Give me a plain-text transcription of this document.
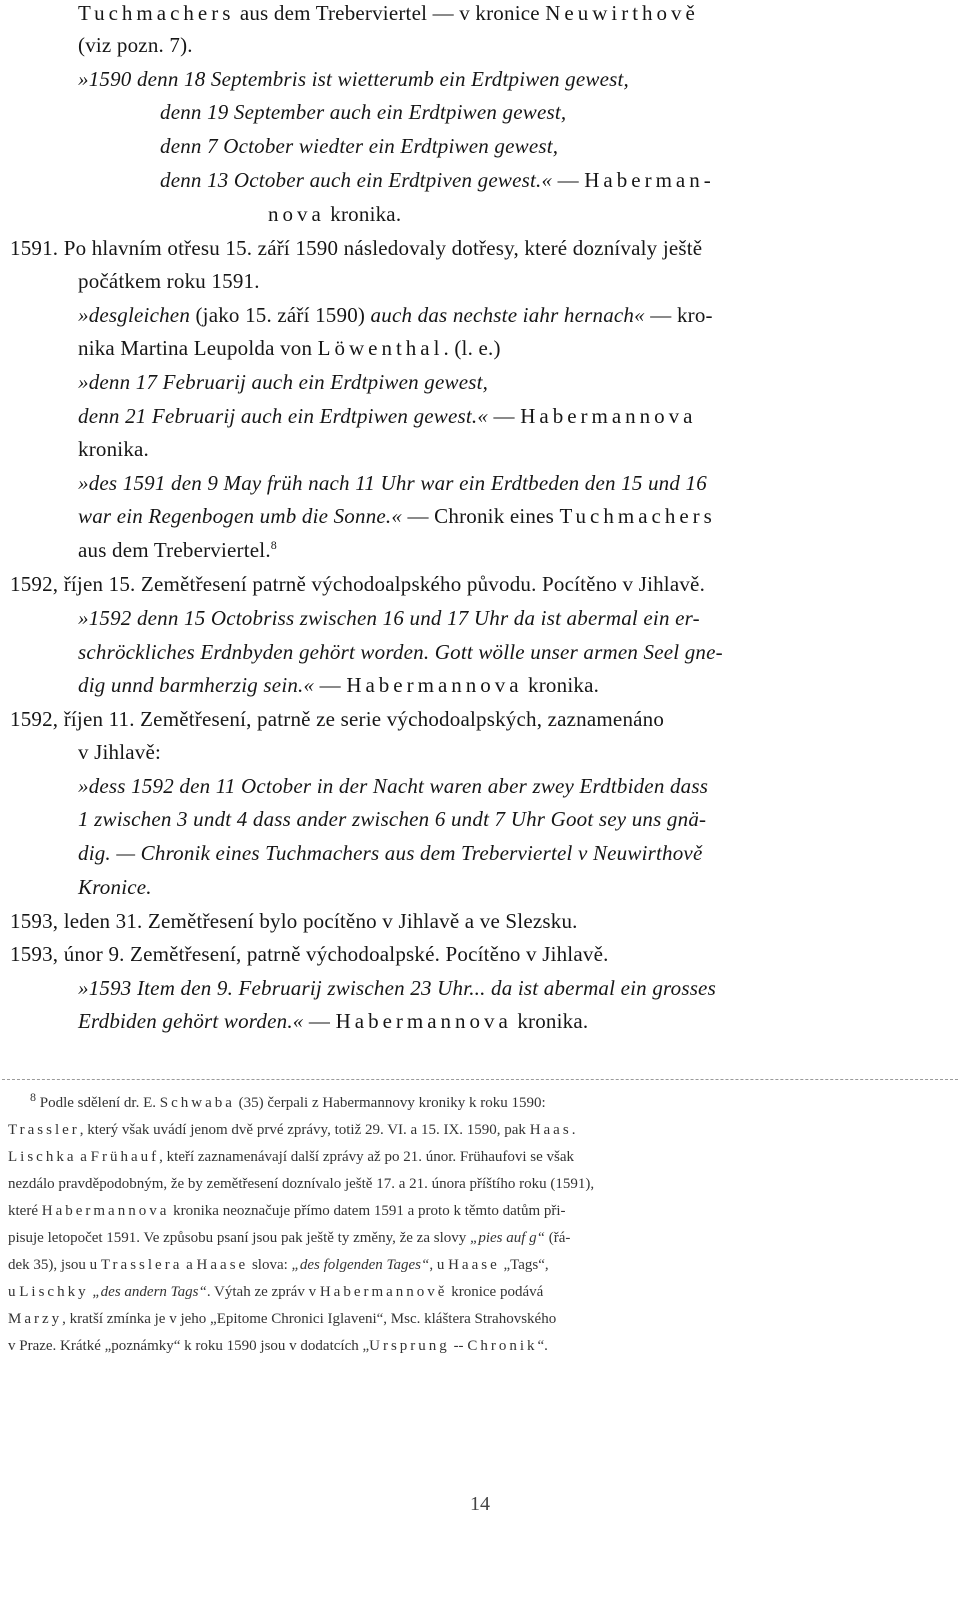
Tuchmachers aus dem Treberviertel — v kronice Neuwirthově
(viz pozn. 7).
»1590 denn 18 Septembris ist wietterumb ein Erdtpiwen gewest,
denn 19 September auch ein Erdtpiwen gewest,
denn 7 October wiedter ein Erdtpiwen gewest,
denn 13 October auch ein Erdtpiven gewest.« — Haberman-
nova kronika.
1591. Po hlavním otřesu 15. září 1590 následovaly dotřesy, které doznívaly ještě
počátkem roku 1591.
»desgleichen (jako 15. září 1590) auch das nechste iahr hernach« — kro-
nika Martina Leupolda von Löwenthal. (l. e.)
»denn 17 Februarij auch ein Erdtpiwen gewest,
denn 21 Februarij auch ein Erdtpiwen gewest.« — Habermannova
kronika.
»des 1591 den 9 May früh nach 11 Uhr war ein Erdtbeden den 15 und 16
war ein Regenbogen umb die Sonne.« — Chronik eines Tuchmachers
aus dem Treberviertel.$^8$
1592, říjen 15. Zemětřesení patrně východoalpského původu. Pocítěno v Jihlavě.
»1592 denn 15 Octobriss zwischen 16 und 17 Uhr da ist abermal ein er-
schröckliches Erdnbyden gehört worden. Gott wölle unser armen Seel gne-
dig unnd barmherzig sein.« — Habermannova kronika.
1592, říjen 11. Zemětřesení, patrně ze serie východoalpských, zaznamenáno
v Jihlavě:
»dess 1592 den 11 October in der Nacht waren aber zwey Erdtbiden dass
1 zwischen 3 undt 4 dass ander zwischen 6 undt 7 Uhr Goot sey uns gnä-
dig. — Chronik eines Tuchmachers aus dem Treberviertel v Neuwirthově
Kronice.
1593, leden 31. Zemětřesení bylo pocítěno v Jihlavě a ve Slezsku.
1593, únor 9. Zemětřesení, patrně východoalpské. Pocítěno v Jihlavě.
»1593 Item den 9. Februarij zwischen 23 Uhr... da ist abermal ein grosses
Erdbiden gehört worden.« — Habermannova kronika.
$^8$ Podle sdělení dr. E. Schwaba (35) čerpali z Habermannovy kroniky k roku 1590:
Trassler, který však uvádí jenom dvě prvé zprávy, totiž 29. VI. a 15. IX. 1590, pak Haas.
Lischka a Frühauf, kteří zaznamenávají další zprávy až po 21. únor. Frühaufovi se však
nezdálo pravděpodobným, že by zemětřesení doznívalo ještě 17. a 21. února příštího roku (1591),
které Habermannova kronika neoznačuje přímo datem 1591 a proto k těmto datům při-
pisuje letopočet 1591. Ve způsobu psaní jsou pak ještě ty změny, že za slovy „pies auf g“ (řá-
dek 35), jsou u Trasslera a Haase slova: „des folgenden Tages“, u Haase „Tags“,
u Lischky „des andern Tags“. Výtah ze zpráv v Habermannově kronice podává
Marzy, kratší zmínka je v jeho „Epitome Chronici Iglaveni“, Msc. kláštera Strahovského
v Praze. Krátké „poznámky“ k roku 1590 jsou v dodatcích „Ursprung -- Chronik“.
14
